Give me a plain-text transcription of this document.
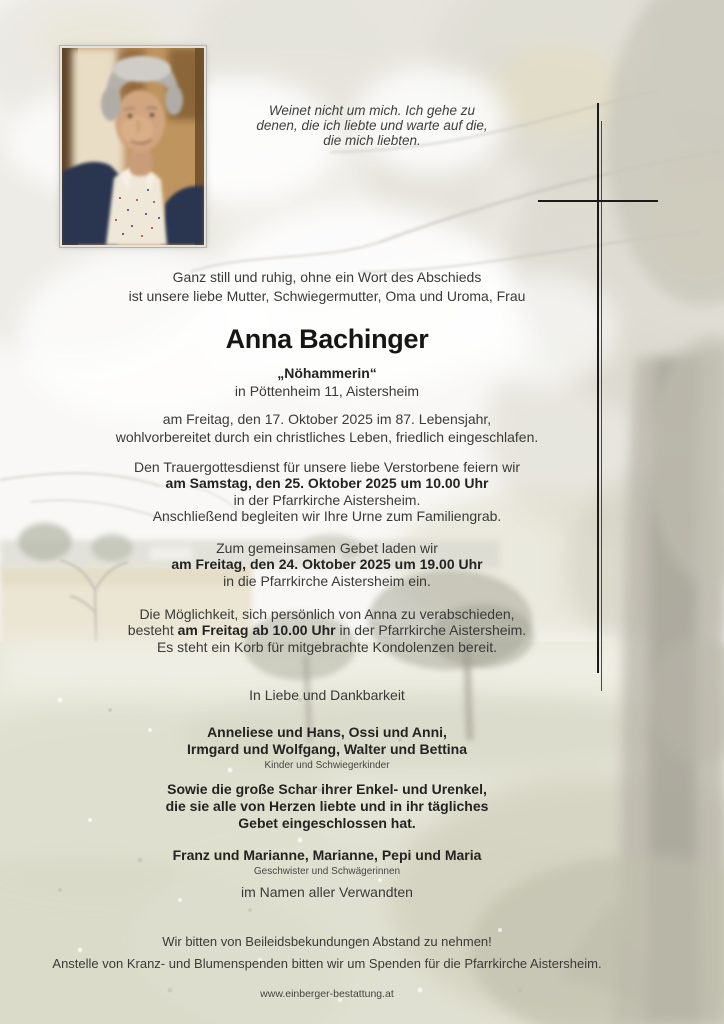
Weinet nicht um mich. Ich gehe zu denen, die ich liebte und warte auf die, die mich liebten.
Ganz still und ruhig, ohne ein Wort des Abschieds
ist unsere liebe Mutter, Schwiegermutter, Oma und Uroma, Frau
Anna Bachinger
„Nöhammerin“
in Pöttenheim 11, Aistersheim
am Freitag, den 17. Oktober 2025 im 87. Lebensjahr,
wohlvorbereitet durch ein christliches Leben, friedlich eingeschlafen.
Den Trauergottesdienst für unsere liebe Verstorbene feiern wir
am Samstag, den 25. Oktober 2025 um 10.00 Uhr
in der Pfarrkirche Aistersheim.
Anschließend begleiten wir Ihre Urne zum Familiengrab.
Zum gemeinsamen Gebet laden wir
am Freitag, den 24. Oktober 2025 um 19.00 Uhr
in die Pfarrkirche Aistersheim ein.
Die Möglichkeit, sich persönlich von Anna zu verabschieden,
besteht am Freitag ab 10.00 Uhr in der Pfarrkirche Aistersheim.
Es steht ein Korb für mitgebrachte Kondolenzen bereit.
In Liebe und Dankbarkeit
Anneliese und Hans, Ossi und Anni,
Irmgard und Wolfgang, Walter und Bettina
Kinder und Schwiegerkinder
Sowie die große Schar ihrer Enkel- und Urenkel,
die sie alle von Herzen liebte und in ihr tägliches
Gebet eingeschlossen hat.
Franz und Marianne, Marianne, Pepi und Maria
Geschwister und Schwägerinnen
im Namen aller Verwandten
Wir bitten von Beileidsbekundungen Abstand zu nehmen!
Anstelle von Kranz- und Blumenspenden bitten wir um Spenden für die Pfarrkirche Aistersheim.
www.einberger-bestattung.at
